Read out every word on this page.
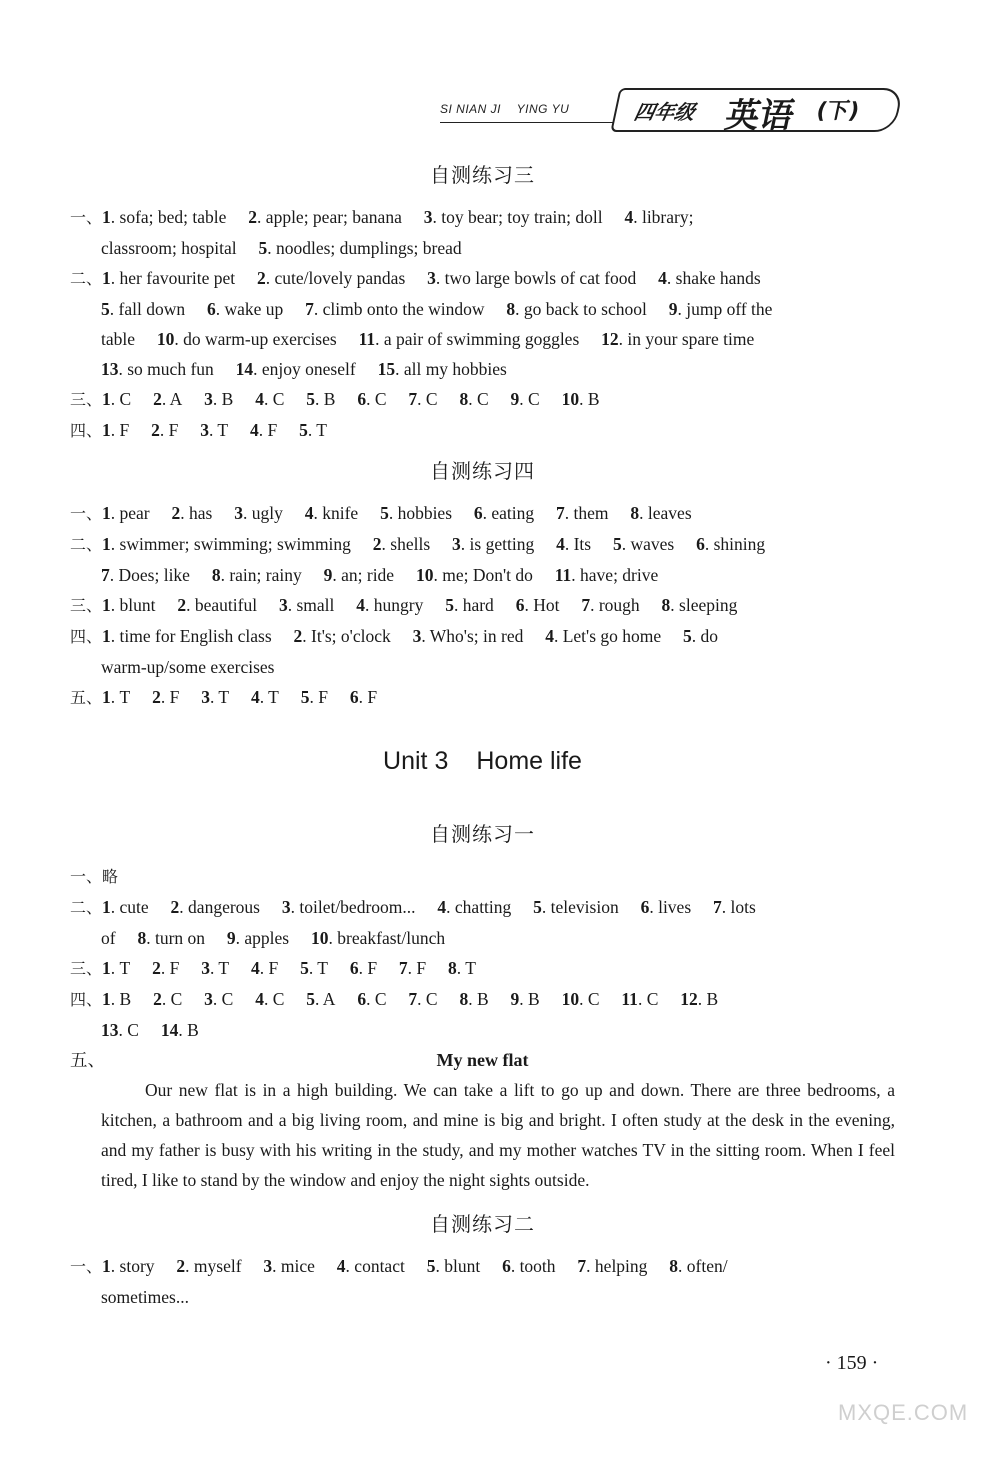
SI NIAN JI YING YU	四年级 英语 (下)
自测练习三
一、1. sofa; bed; table  2. apple; pear; banana  3. toy bear; toy train; doll  4. library;
classroom; hospital  5. noodles; dumplings; bread
二、1. her favourite pet  2. cute/lovely pandas  3. two large bowls of cat food  4. shake hands
5. fall down  6. wake up  7. climb onto the window  8. go back to school  9. jump off the
table  10. do warm-up exercises  11. a pair of swimming goggles  12. in your spare time
13. so much fun  14. enjoy oneself  15. all my hobbies
三、1. C  2. A  3. B  4. C  5. B  6. C  7. C  8. C  9. C  10. B
四、1. F  2. F  3. T  4. F  5. T
自测练习四
一、1. pear  2. has  3. ugly  4. knife  5. hobbies  6. eating  7. them  8. leaves
二、1. swimmer; swimming; swimming  2. shells  3. is getting  4. Its  5. waves  6. shining
7. Does; like  8. rain; rainy  9. an; ride  10. me; Don't do  11. have; drive
三、1. blunt  2. beautiful  3. small  4. hungry  5. hard  6. Hot  7. rough  8. sleeping
四、1. time for English class  2. It's; o'clock  3. Who's; in red  4. Let's go home  5. do
warm-up/some exercises
五、1. T  2. F  3. T  4. T  5. F  6. F
Unit 3 Home life
自测练习一
一、略
二、1. cute  2. dangerous  3. toilet/bedroom...  4. chatting  5. television  6. lives  7. lots
of  8. turn on  9. apples  10. breakfast/lunch
三、1. T  2. F  3. T  4. F  5. T  6. F  7. F  8. T
四、1. B  2. C  3. C  4. C  5. A  6. C  7. C  8. B  9. B  10. C  11. C  12. B
13. C  14. B
五、	My new flat

Our new flat is in a high building. We can take a lift to go up and down. There are three bedrooms, a kitchen, a bathroom and a big living room, and mine is big and bright. I often study at the desk in the evening, and my father is busy with his writing in the study, and my mother watches TV in the sitting room. When I feel tired, I like to stand by the window and enjoy the night sights outside.

自测练习二
一、1. story  2. myself  3. mice  4. contact  5. blunt  6. tooth  7. helping  8. often/
sometimes...
· 159 ·
MXQE.COM
